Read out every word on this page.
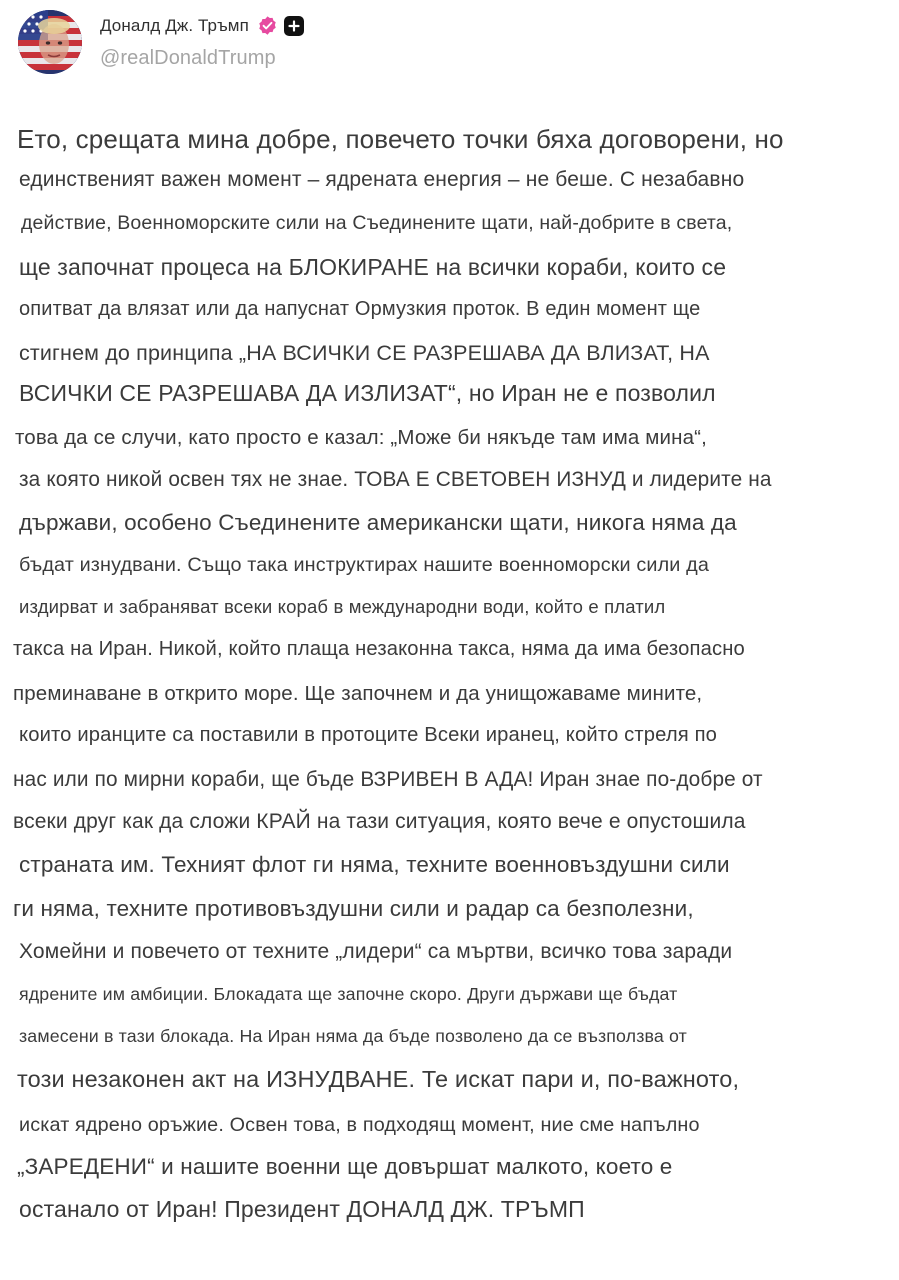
Доналд Дж. Тръмп
@realDonaldTrump
Ето, срещата мина добре, повечето точки бяха договорени, но
единственият важен момент – ядрената енергия – не беше. С незабавно
действие, Военноморските сили на Съединените щати, най-добрите в света,
ще започнат процеса на БЛОКИРАНЕ на всички кораби, които се
опитват да влязат или да напуснат Ормузкия проток. В един момент ще
стигнем до принципа „НА ВСИЧКИ СЕ РАЗРЕШАВА ДА ВЛИЗАТ, НА
ВСИЧКИ СЕ РАЗРЕШАВА ДА ИЗЛИЗАТ“, но Иран не е позволил
това да се случи, като просто е казал: „Може би някъде там има мина“,
за която никой освен тях не знае. ТОВА Е СВЕТОВЕН ИЗНУД и лидерите на
държави, особено Съединените американски щати, никога няма да
бъдат изнудвани. Също така инструктирах нашите военноморски сили да
издирват и забраняват всеки кораб в международни води, който е платил
такса на Иран. Никой, който плаща незаконна такса, няма да има безопасно
преминаване в открито море. Ще започнем и да унищожаваме мините,
които иранците са поставили в протоците Всеки иранец, който стреля по
нас или по мирни кораби, ще бъде ВЗРИВЕН В АДА! Иран знае по-добре от
всеки друг как да сложи КРАЙ на тази ситуация, която вече е опустошила
страната им. Техният флот ги няма, техните военновъздушни сили
ги няма, техните противовъздушни сили и радар са безполезни,
Хомейни и повечето от техните „лидери“ са мъртви, всичко това заради
ядрените им амбиции. Блокадата ще започне скоро. Други държави ще бъдат
замесени в тази блокада. На Иран няма да бъде позволено да се възползва от
този незаконен акт на ИЗНУДВАНЕ. Те искат пари и, по-важното,
искат ядрено оръжие. Освен това, в подходящ момент, ние сме напълно
„ЗАРЕДЕНИ“ и нашите военни ще довършат малкото, което е
останало от Иран! Президент ДОНАЛД ДЖ. ТРЪМП
